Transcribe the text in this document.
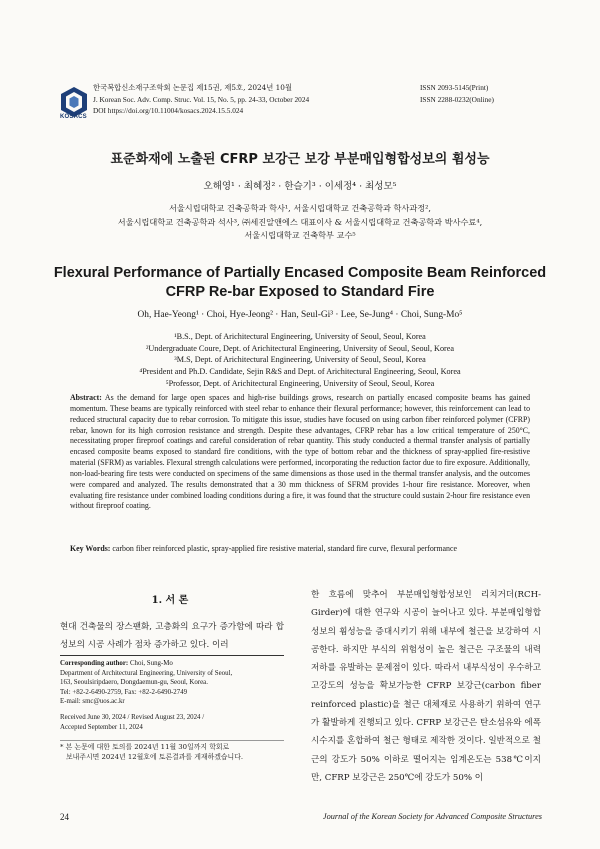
KOSACS
한국복합신소재구조학회 논문집 제15권, 제5호, 2024년 10월
J. Korean Soc. Adv. Comp. Struc. Vol. 15, No. 5, pp. 24-33, October 2024
DOI https://doi.org/10.11004/kosacs.2024.15.5.024
ISSN 2093-5145(Print)
ISSN 2288-0232(Online)
표준화재에 노출된 CFRP 보강근 보강 부분매입형합성보의 휨성능
오해영¹ · 최혜정² · 한슬기³ · 이세정⁴ · 최성모⁵
서울시립대학교 건축공학과 학사¹, 서울시립대학교 건축공학과 학사과정²,
서울시립대학교 건축공학과 석사³, ㈜세진알앤에스 대표이사 & 서울시립대학교 건축공학과 박사수료⁴,
서울시립대학교 건축학부 교수⁵
Flexural Performance of Partially Encased Composite Beam Reinforced
CFRP Re-bar Exposed to Standard Fire
Oh, Hae-Yeong¹ · Choi, Hye-Jeong² · Han, Seul-Gi³ · Lee, Se-Jung⁴ · Choi, Sung-Mo⁵
¹B.S., Dept. of Arichitectural Engineering, University of Seoul, Seoul, Korea
²Undergraduate Coure, Dept. of Arichitectural Engineering, University of Seoul, Seoul, Korea
³M.S, Dept. of Arichitectural Engineering, University of Seoul, Seoul, Korea
⁴President and Ph.D. Candidate, Sejin R&S and Dept. of Arichitectural Engineering, Seoul, Korea
⁵Professor, Dept. of Arichitectural Engineering, University of Seoul, Seoul, Korea
Abstract: As the demand for large open spaces and high-rise buildings grows, research on partially encased composite beams has gained momentum. These beams are typically reinforced with steel rebar to enhance their flexural performance; however, this reinforcement can lead to reduced structural capacity due to rebar corrosion. To mitigate this issue, studies have focused on using carbon fiber reinforced polymer (CFRP) rebar, known for its high corrosion resistance and strength. Despite these advantages, CFRP rebar has a low critical temperature of 250°C, necessitating proper fireproof coatings and careful consideration of rebar quantity. This study conducted a thermal transfer analysis of partially encased composite beams exposed to standard fire conditions, with the type of bottom rebar and the thickness of spray-applied fire-resistive material (SFRM) as variables. Flexural strength calculations were performed, incorporating the reduction factor due to fire exposure. Additionally, non-load-bearing fire tests were conducted on specimens of the same dimensions as those used in the thermal transfer analysis, and the outcomes were compared and analyzed. The results demonstrated that a 30 mm thickness of SFRM provides 1-hour fire resistance. Moreover, when evaluating fire resistance under combined loading conditions during a fire, it was found that the structure could sustain 2-hour fire resistance even without fireproof coating.
Key Words: carbon fiber reinforced plastic, spray-applied fire resistive material, standard fire curve, flexural performance
1. 서 론
현대 건축물의 장스팬화, 고층화의 요구가 증가함에 따라 합성보의 시공 사례가 점차 증가하고 있다. 이러
Corresponding author: Choi, Sung-Mo
Department of Architectural Engineering, University of Seoul,
163, Seoulsiripdaero, Dongdaemun-gu, Seoul, Korea.
Tel: +82-2-6490-2759, Fax: +82-2-6490-2749
E-mail: smc@uos.ac.kr
Received June 30, 2024 / Revised August 23, 2024 /
Accepted September 11, 2024
* 본 논문에 대한 토의를 2024년 11월 30일까지 학회로
보내주시면 2024년 12월호에 토론결과를 게재하겠습니다.
한 흐름에 맞추어 부분매입형합성보인 리치거더(RCH-Girder)에 대한 연구와 시공이 늘어나고 있다. 부분매입형합성보의 휨성능을 증대시키기 위해 내부에 철근을 보강하여 시공한다. 하지만 부식의 위험성이 높은 철근은 구조물의 내력 저하를 유발하는 문제점이 있다. 따라서 내부식성이 우수하고 고강도의 성능을 확보가능한 CFRP 보강근(carbon fiber reinforced plastic)을 철근 대체재로 사용하기 위하여 연구가 활발하게 진행되고 있다. CFRP 보강근은 탄소섬유와 에폭시수지를 혼합하여 철근 형태로 제작한 것이다. 일반적으로 철근의 강도가 50% 이하로 떨어지는 임계온도는 538℃이지만, CFRP 보강근은 250℃에 강도가 50% 이
24	Journal of the Korean Society for Advanced Composite Structures
